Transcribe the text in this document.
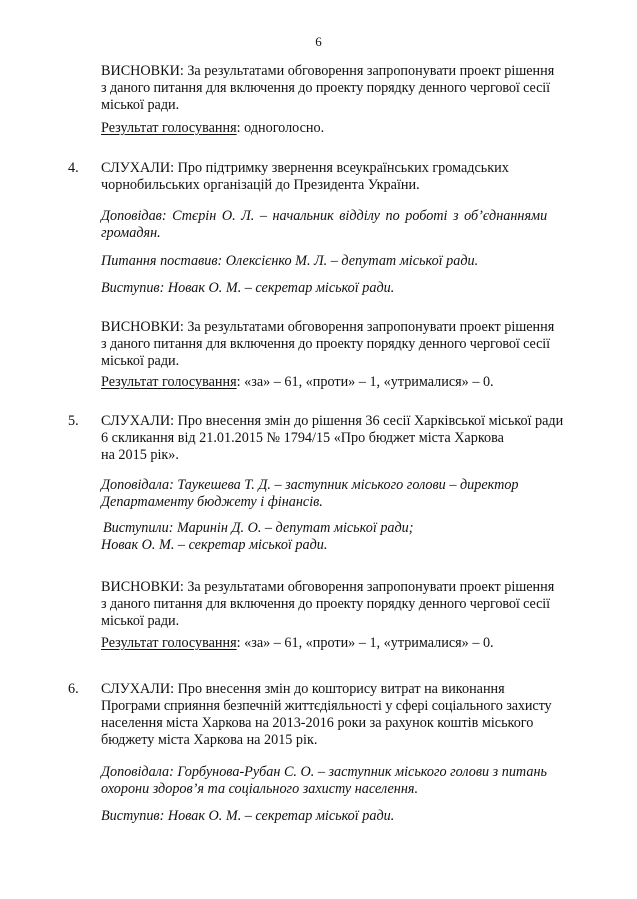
6
ВИСНОВКИ: За результатами обговорення запропонувати проект рішення
з даного питання для включення до проекту порядку денного чергової сесії
міської ради.
Результат голосування: одноголосно.
4. СЛУХАЛИ: Про підтримку звернення всеукраїнських громадських
чорнобильських організацій до Президента України.
Доповідав: Стєрін О. Л. – начальник відділу по роботі з об’єднаннями
громадян.
Питання поставив: Олексієнко М. Л. – депутат міської ради.
Виступив: Новак О. М. – секретар міської ради.
ВИСНОВКИ: За результатами обговорення запропонувати проект рішення
з даного питання для включення до проекту порядку денного чергової сесії
міської ради.
Результат голосування: «за» – 61, «проти» – 1, «утрималися» – 0.
5. СЛУХАЛИ: Про внесення змін до рішення 36 сесії Харківської міської ради
6 скликання від 21.01.2015 № 1794/15 «Про бюджет міста Харкова
на 2015 рік».
Доповідала: Таукешева Т. Д. – заступник міського голови – директор
Департаменту бюджету і фінансів.
Виступили: Маринін Д. О. – депутат міської ради;
Новак О. М. – секретар міської ради.
ВИСНОВКИ: За результатами обговорення запропонувати проект рішення
з даного питання для включення до проекту порядку денного чергової сесії
міської ради.
Результат голосування: «за» – 61, «проти» – 1, «утрималися» – 0.
6. СЛУХАЛИ: Про внесення змін до кошторису витрат на виконання
Програми сприяння безпечній життєдіяльності у сфері соціального захисту
населення міста Харкова на 2013-2016 роки за рахунок коштів міського
бюджету міста Харкова на 2015 рік.
Доповідала: Горбунова-Рубан С. О. – заступник міського голови з питань
охорони здоров’я та соціального захисту населення.
Виступив: Новак О. М. – секретар міської ради.
